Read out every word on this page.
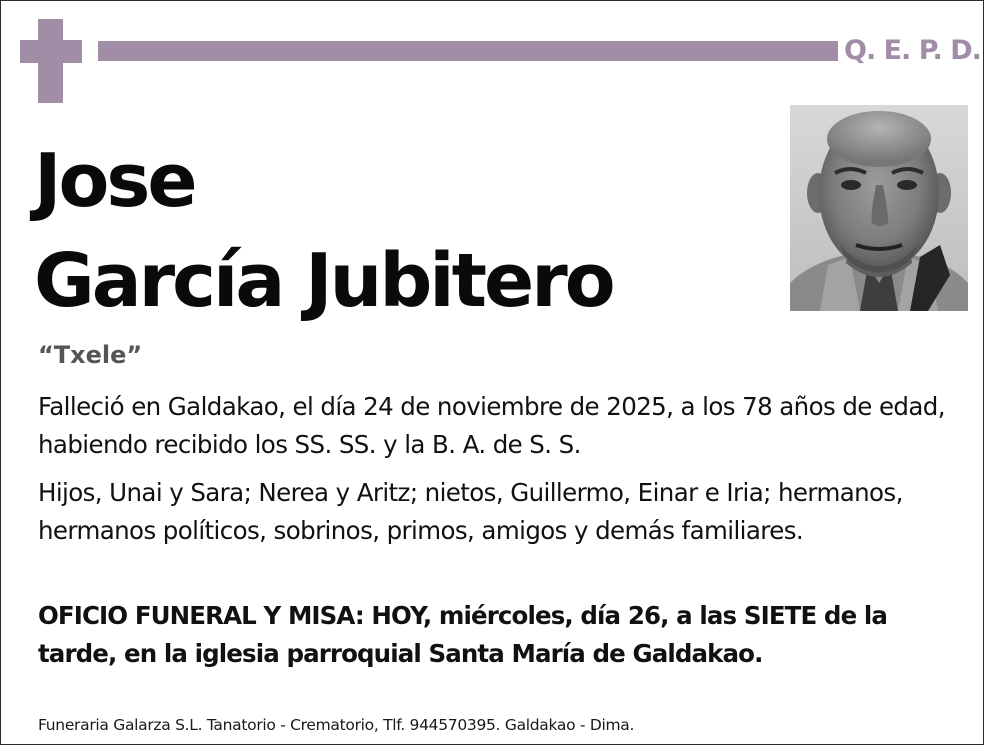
Q. E. P. D.
Jose
García Jubitero
“Txele”
Falleció en Galdakao, el día 24 de noviembre de 2025, a los 78 años de edad, habiendo recibido los SS. SS. y la B. A. de S. S.
Hijos, Unai y Sara; Nerea y Aritz; nietos, Guillermo, Einar e Iria; hermanos, hermanos políticos, sobrinos, primos, amigos y demás familiares.
OFICIO FUNERAL Y MISA: HOY, miércoles, día 26, a las SIETE de la tarde, en la iglesia parroquial Santa María de Galdakao.
Funeraria Galarza S.L. Tanatorio - Crematorio, Tlf. 944570395. Galdakao - Dima.
